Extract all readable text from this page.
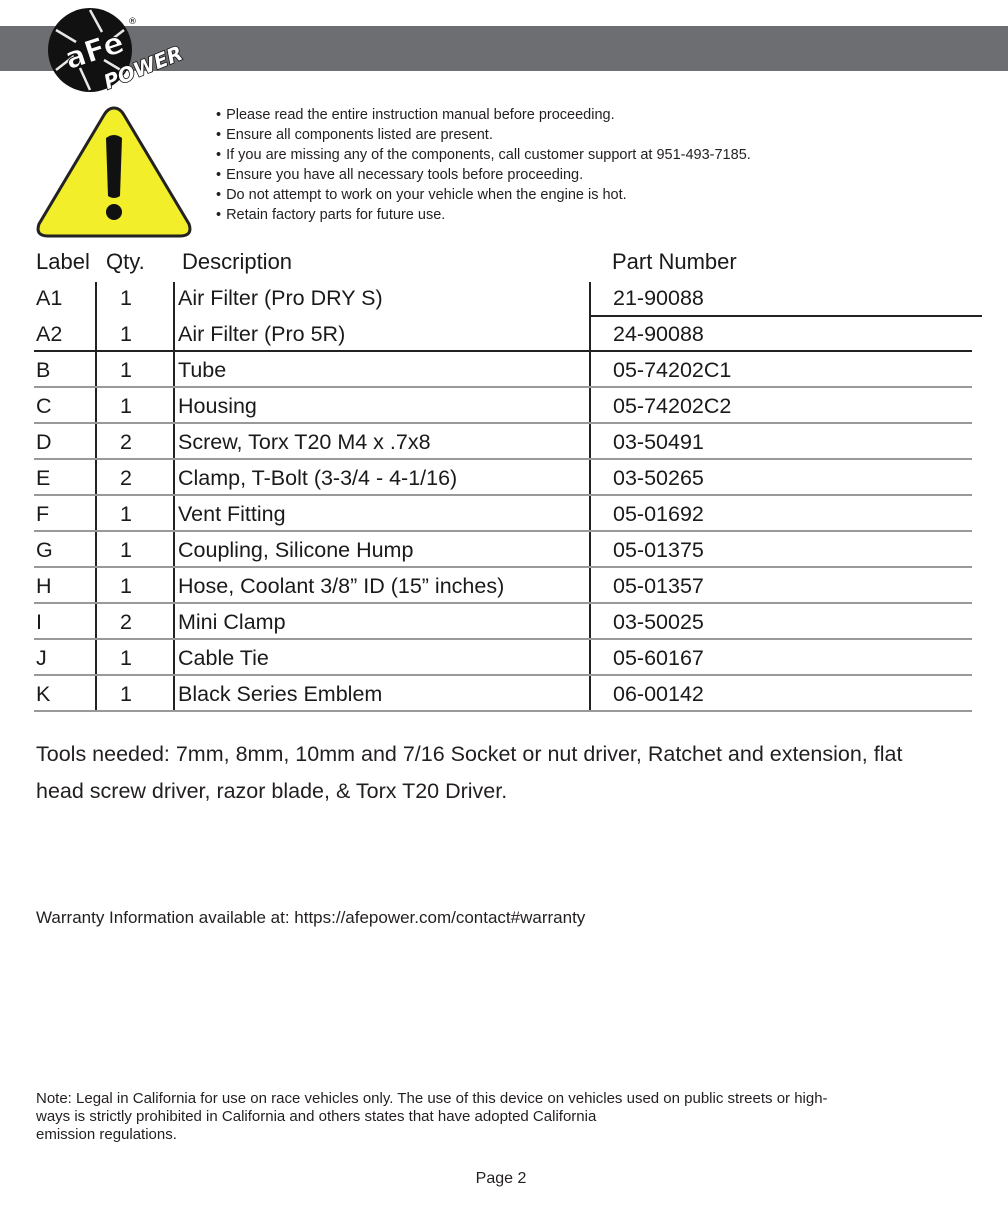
aFe
POWER
®
• Please read the entire instruction manual before proceeding.
• Ensure all components listed are present.
• If you are missing any of the components, call customer support at 951-493-7185.
• Ensure you have all necessary tools before proceeding.
• Do not attempt to work on your vehicle when the engine is hot.
• Retain factory parts for future use.
Label Qty. Description	Part Number
A1	1 Air Filter (Pro DRY S)	21-90088
A2	1 Air Filter (Pro 5R)	24-90088
B	1 Tube	05-74202C1
C	1 Housing	05-74202C2
D	2 Screw, Torx T20 M4 x .7x8	03-50491
E	2 Clamp, T-Bolt (3-3/4 - 4-1/16)	03-50265
F	1 Vent Fitting	05-01692
G	1 Coupling, Silicone Hump	05-01375
H	1 Hose, Coolant 3/8” ID (15” inches)	05-01357
I	2 Mini Clamp	03-50025
J	1 Cable Tie	05-60167
K	1 Black Series Emblem	06-00142
Tools needed: 7mm, 8mm, 10mm and 7/16 Socket or nut driver, Ratchet and extension, flat head screw driver, razor blade, & Torx T20 Driver.
Warranty Information available at: https://afepower.com/contact#warranty
Note: Legal in California for use on race vehicles only. The use of this device on vehicles used on public streets or high-
ways is strictly prohibited in California and others states that have adopted California
emission regulations.
Page 2
